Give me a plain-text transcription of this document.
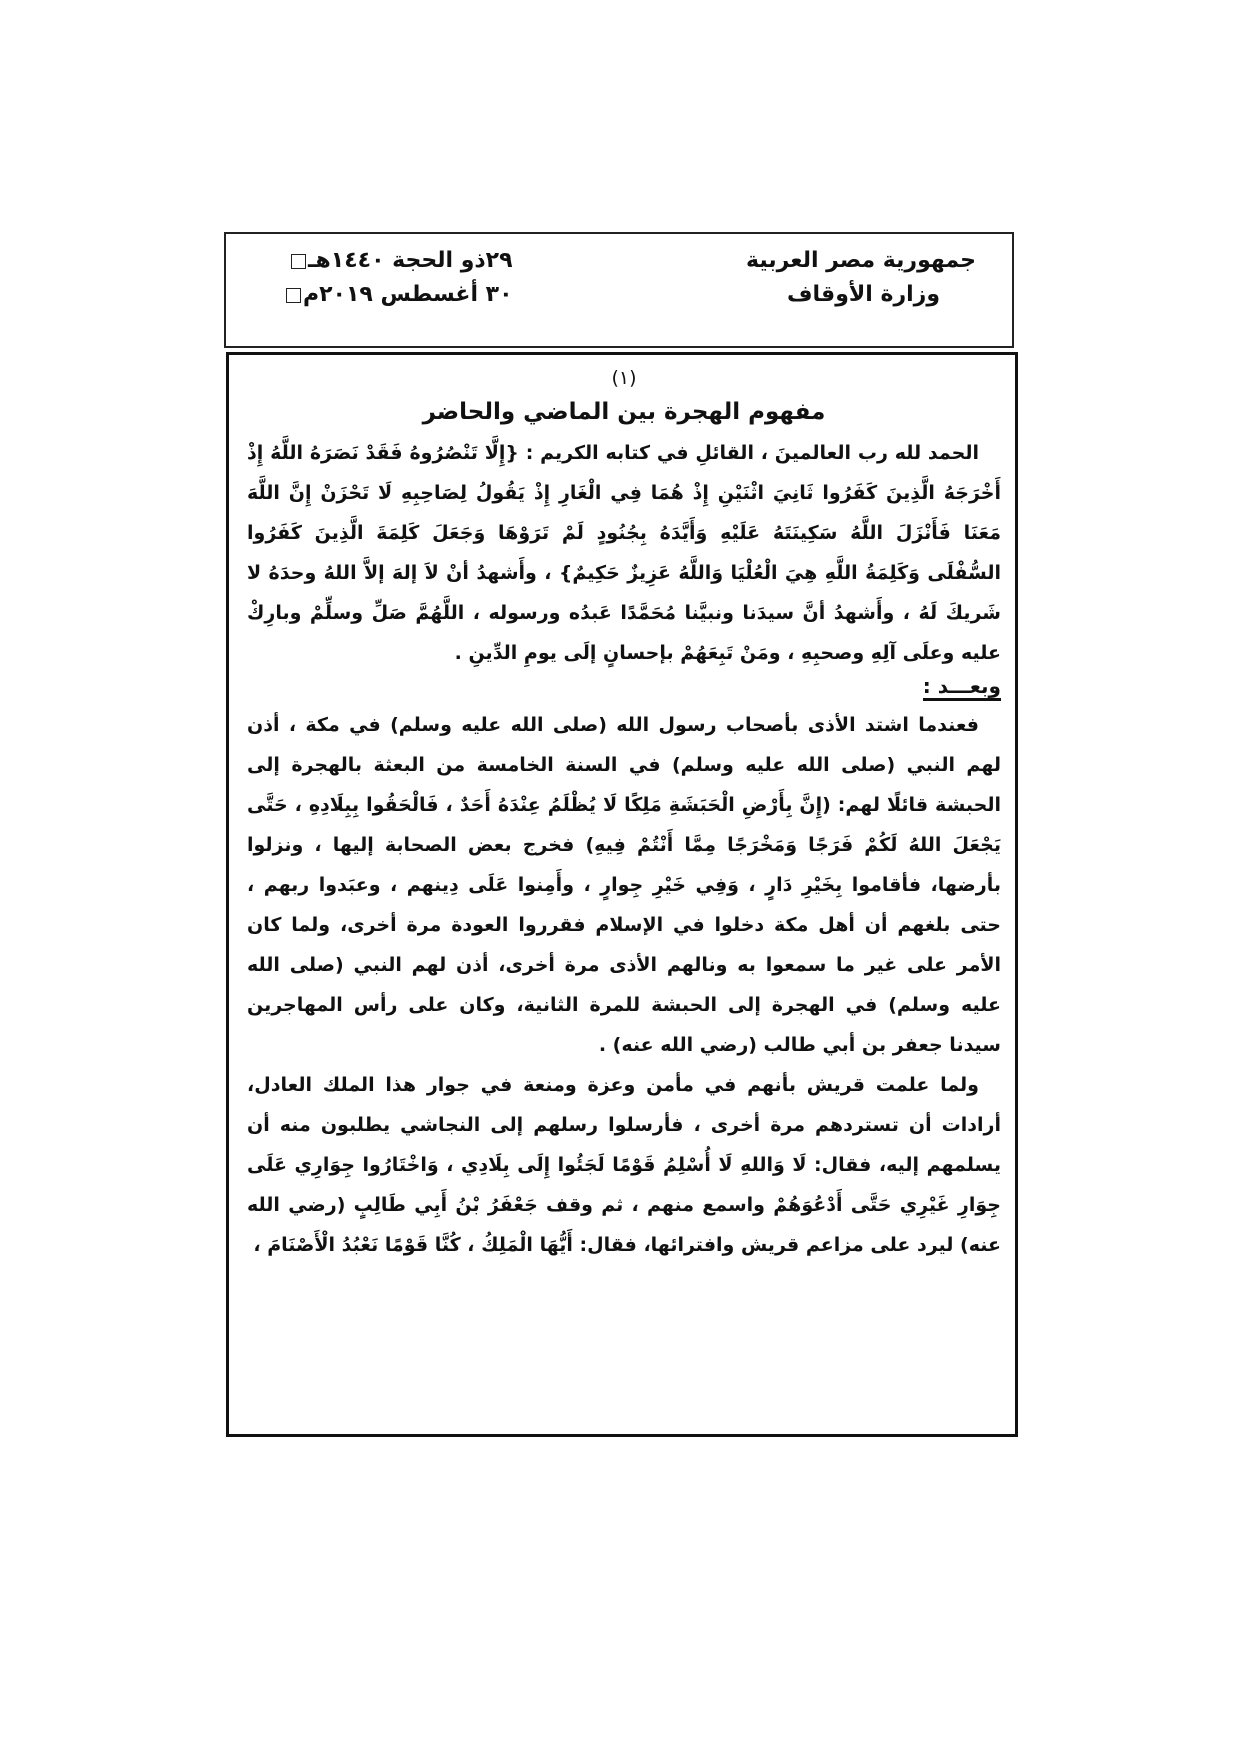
جمهورية مصر العربية
وزارة الأوقاف
٢٩ذو الحجة ١٤٤٠هـ
٣٠ أغسطس ٢٠١٩م
(١)
مفهوم الهجرة بين الماضي والحاضر

الحمد لله رب العالمينَ ، القائلِ في كتابه الكريم : {إِلَّا تَنْصُرُوهُ فَقَدْ نَصَرَهُ اللَّهُ إِذْ أَخْرَجَهُ الَّذِينَ كَفَرُوا ثَانِيَ اثْنَيْنِ إِذْ هُمَا فِي الْغَارِ إِذْ يَقُولُ لِصَاحِبِهِ لَا تَحْزَنْ إِنَّ اللَّهَ مَعَنَا فَأَنْزَلَ اللَّهُ سَكِينَتَهُ عَلَيْهِ وَأَيَّدَهُ بِجُنُودٍ لَمْ تَرَوْهَا وَجَعَلَ كَلِمَةَ الَّذِينَ كَفَرُوا السُّفْلَى وَكَلِمَةُ اللَّهِ هِيَ الْعُلْيَا وَاللَّهُ عَزِيزٌ حَكِيمٌ} ، وأَشهدُ أنْ لاَ إلهَ إلاَّ اللهُ وحدَهُ لا شَريكَ لَهُ ، وأَشهدُ أنَّ سيدَنا ونبيَّنا مُحَمَّدًا عَبدُه ورسوله ، اللَّهُمَّ صَلِّ وسلِّمْ وبارِكْ عليه وعلَى آلِهِ وصحبِهِ ، ومَنْ تَبِعَهُمْ بإحسانٍ إلَى يومِ الدِّينِ .

وبعـــد :

فعندما اشتد الأذى بأصحاب رسول الله (صلى الله عليه وسلم) في مكة ، أذن لهم النبي (صلى الله عليه وسلم) في السنة الخامسة من البعثة بالهجرة إلى الحبشة قائلًا لهم: (إِنَّ بِأَرْضِ الْحَبَشَةِ مَلِكًا لَا يُظْلَمُ عِنْدَهُ أَحَدٌ ، فَالْحَقُوا بِبِلَادِهِ ، حَتَّى يَجْعَلَ اللهُ لَكُمْ فَرَجًا وَمَخْرَجًا مِمَّا أَنْتُمْ فِيهِ) فخرج بعض الصحابة إليها ، ونزلوا بأرضها، فأقاموا بِخَيْرِ دَارٍ ، وَفِي خَيْرِ جِوارٍ ، وأَمِنوا عَلَى دِينهم ، وعبَدوا ربهم ، حتى بلغهم أن أهل مكة دخلوا في الإسلام فقرروا العودة مرة أخرى، ولما كان الأمر على غير ما سمعوا به ونالهم الأذى مرة أخرى، أذن لهم النبي (صلى الله عليه وسلم) في الهجرة إلى الحبشة للمرة الثانية، وكان على رأس المهاجرين سيدنا جعفر بن أبي طالب (رضي الله عنه) .

ولما علمت قريش بأنهم في مأمن وعزة ومنعة في جوار هذا الملك العادل، أرادات أن تستردهم مرة أخرى ، فأرسلوا رسلهم إلى النجاشي يطلبون منه أن يسلمهم إليه، فقال: لَا وَاللهِ لَا أُسْلِمُ قَوْمًا لَجَئُوا إِلَى بِلَادِي ، وَاخْتَارُوا جِوَارِي عَلَى جِوَارِ غَيْرِي حَتَّى أَدْعُوَهُمْ واسمع منهم ، ثم وقف جَعْفَرُ بْنُ أَبِي طَالِبٍ (رضي الله عنه) ليرد على مزاعم قريش وافترائها، فقال: أَيُّهَا الْمَلِكُ ، كُنَّا قَوْمًا نَعْبُدُ الْأَصْنَامَ ،
